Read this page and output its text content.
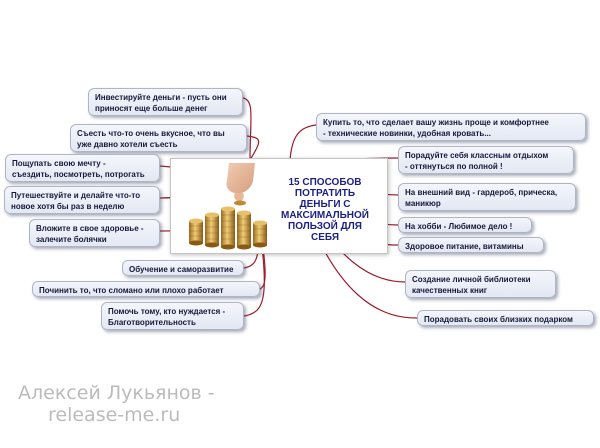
Инвестируйте деньги - пусть они
приносят еще больше денег
Съесть что-то очень вкусное, что вы
уже давно хотели съесть
Пощупать свою мечту -
съездить, посмотреть, потрогать
Путешествуйте и делайте что-то
новое хотя бы раз в неделю
Вложите в свое здоровье -
залечите болячки
Обучение и саморазвитие
Починить то, что сломано или плохо работает
Помочь тому, кто нуждается -
Благотворительность
15 СПОСОБОВ
ПОТРАТИТЬ
ДЕНЬГИ С
МАКСИМАЛЬНОЙ
ПОЛЬЗОЙ ДЛЯ
СЕБЯ
Купить то, что сделает вашу жизнь проще и комфортнее
- технические новинки, удобная кровать...
Порадуйте себя классным отдыхом
- оттянуться по полной !
На внешний вид - гардероб, прическа,
маникюр
На хобби - Любимое дело !
Здоровое питание, витамины
Создание личной библиотеки
качественных книг
Порадовать своих близких подарком

Алексей Лукьянов -

release-me.ru
